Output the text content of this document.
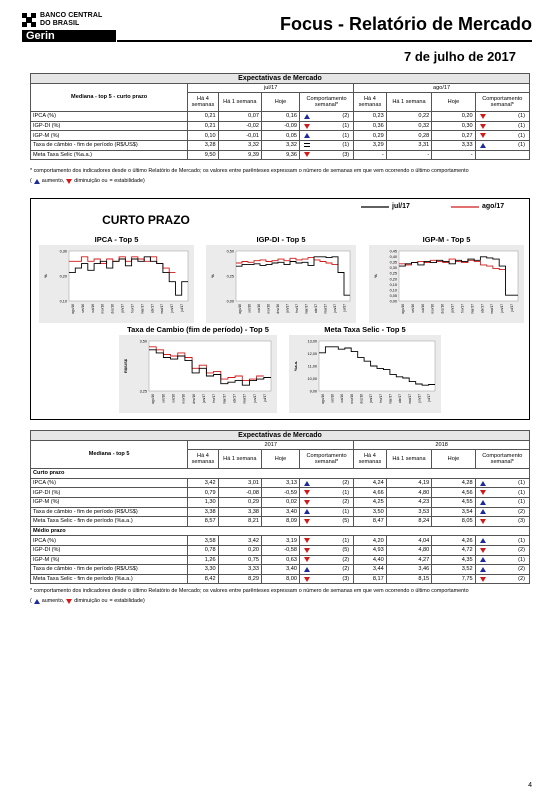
BANCO CENTRAL
DO BRASIL
Gerin
Focus - Relatório de Mercado
7 de julho de 2017
Expectativas de Mercado								
Mediana - top 5 - curto prazo	jul/17				ago/17			
	Há 4 semanas	Há 1 semana	Hoje	Comportamento semanal*	Há 4 semanas	Há 1 semana	Hoje	Comportamento semanal*
IPCA (%)	0,21	0,07	0,16	(2)	0,23	0,22	0,20	(1)

IGP-DI (%)	0,21	-0,02	-0,09	(1)	0,36	0,32	0,30	(1)

IGP-M (%)	0,10	-0,01	0,05	(1)	0,29	0,28	0,27	(1)

Taxa de câmbio - fim de período (R$/US$)	3,28	3,32	3,32	(1)	3,29	3,31	3,33	(1)

Meta Taxa Selic (%a.a.)	9,50	9,39	9,36	(3)	-	-	-	
* comportamento dos indicadores desde o último Relatório de Mercado; os valores entre parênteses expressam o número de semanas em que vem ocorrendo o último comportamento
( aumento, diminuição ou = estabilidade)
CURTO PRAZO
jul/17	ago/17
IPCA - Top 5
0,30
0,20
0,10
%
ago/16 set/16 out/16 nov/16 dez/16 jan/17 fev/17 mar/17 abr/17 mai/17 jun/17 jul/17
IGP-DI - Top 5
0,50
0,25
0,00
%
ago/16 set/16 out/16 nov/16 dez/16 jan/17 fev/17 mar/17 abr/17 mai/17 jun/17 jul/17
IGP-M - Top 5
0,45
0,40
0,35
0,30
0,25
0,20
0,15
0,10
0,05
0,00
%
ago/16 set/16 out/16 nov/16 dez/16 jan/17 fev/17 mar/17 abr/17 mai/17 jun/17 jul/17
Taxa de Cambio (fim de período) - Top 5
3,50
3,25
R$/US$
ago/16 set/16 out/16 nov/16 dez/16 jan/17 fev/17 mar/17 abr/17 mai/17 jun/17 jul/17
Meta Taxa Selic - Top 5
13,00
12,00
11,00
10,00
9,00
%a.a.
ago/16 set/16 out/16 nov/16 dez/16 jan/17 fev/17 mar/17 abr/17 mai/17 jun/17 jul/17
Expectativas de Mercado								
Mediana - top 5	2017				2018			
	Há 4 semanas	Há 1 semana	Hoje	Comportamento semanal*	Há 4 semanas	Há 1 semana	Hoje	Comportamento semanal*
Curto prazo								
IPCA (%)	3,42	3,01	3,13	(2)	4,24	4,19	4,28	(1)

IGP-DI (%)	0,79	-0,08	-0,59	(1)	4,66	4,80	4,56	(1)

IGP-M (%)	1,30	0,29	0,02	(2)	4,25	4,23	4,55	(1)

Taxa de câmbio - fim de período (R$/US$)	3,38	3,38	3,40	(1)	3,50	3,53	3,54	(2)

Meta Taxa Selic - fim de período (%a.a.)	8,57	8,21	8,09	(5)	8,47	8,24	8,05	(3)

Médio prazo								
IPCA (%)	3,58	3,42	3,19	(1)	4,20	4,04	4,26	(1)

IGP-DI (%)	0,78	0,20	-0,58	(5)	4,93	4,80	4,72	(2)

IGP-M (%)	1,26	0,75	0,63	(2)	4,40	4,27	4,35	(1)

Taxa de câmbio - fim de período (R$/US$)	3,30	3,33	3,40	(2)	3,44	3,46	3,52	(2)

Meta Taxa Selic - fim de período (%a.a.)	8,42	8,29	8,00	(3)	8,17	8,15	7,75	(2)
* comportamento dos indicadores desde o último Relatório de Mercado; os valores entre parênteses expressam o número de semanas em que vem ocorrendo o último comportamento
( aumento, diminuição ou = estabilidade)
4
